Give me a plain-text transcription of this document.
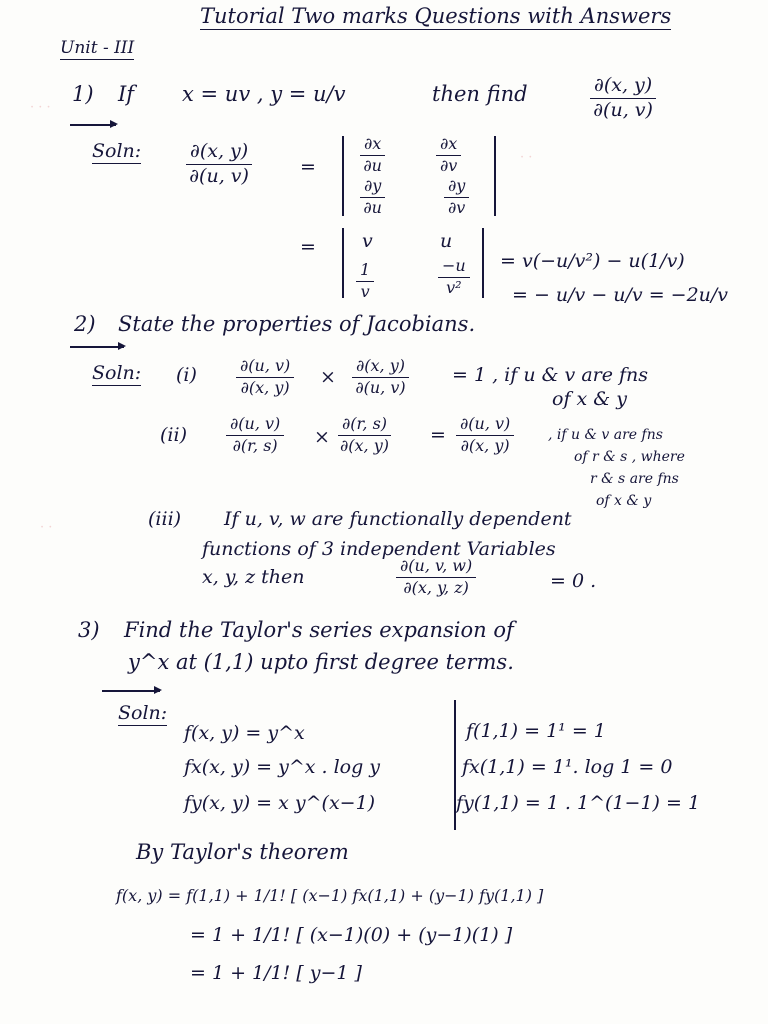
· · ·
· ·
· ·
Tutorial Two marks Questions with Answers
Unit - III
1) If x = uv , y = u/v	then find	$\frac{\partial(x, y)}{\partial(u, v)}$
Soln: $\frac{\partial(x, y)}{\partial(u, v)}$	=	$\frac{\partial x}{\partial u}$	$\frac{\partial x}{\partial v}$
$\frac{\partial y}{\partial u}$	$\frac{\partial y}{\partial v}$
= v	u
$\frac{1}{v}$	$\frac{-u}{\text{v²}} = v(-u/v^2) - u(1/v)$
= − u/v − u/v = −2u/v
2) State the properties of Jacobians.
Soln: $(i) \frac{\partial(u, v)}{\partial(x, y)} \times \frac{\partial(x, y)}{\partial(u, v)} = 1$ , if u & v are fns
of x & y
$(ii) \frac{\partial(u, v)}{\partial(r, s)} \times \frac{\partial(r, s)}{\partial(x, y)} = \frac{\partial(u, v)}{\partial(x, y)}$ , if u & v are fns
of r & s , where
r & s are fns
of x & y
(iii) If u, v, w are functionally dependent
functions of 3 independent Variables
x, y, z then	$\frac{\partial(u, v, w)}{\partial(x, y, z)}$	= 0 .
3) Find the Taylor's series expansion of
y^x at (1,1) upto first degree terms.
Soln:
f(x, y) = y^x
fx(x, y) = y^x . log y
fy(x, y) = x y^(x−1)
f(1,1) = 1¹ = 1
fx(1,1) = 1¹. log 1 = 0
fy(1,1) = 1 . 1^(1−1) = 1
By Taylor's theorem
f(x, y) = f(1,1) + 1/1! [ (x−1) fx(1,1) + (y−1) fy(1,1) ]
= 1 + 1/1! [ (x−1)(0) + (y−1)(1) ]
= 1 + 1/1! [ y−1 ]
